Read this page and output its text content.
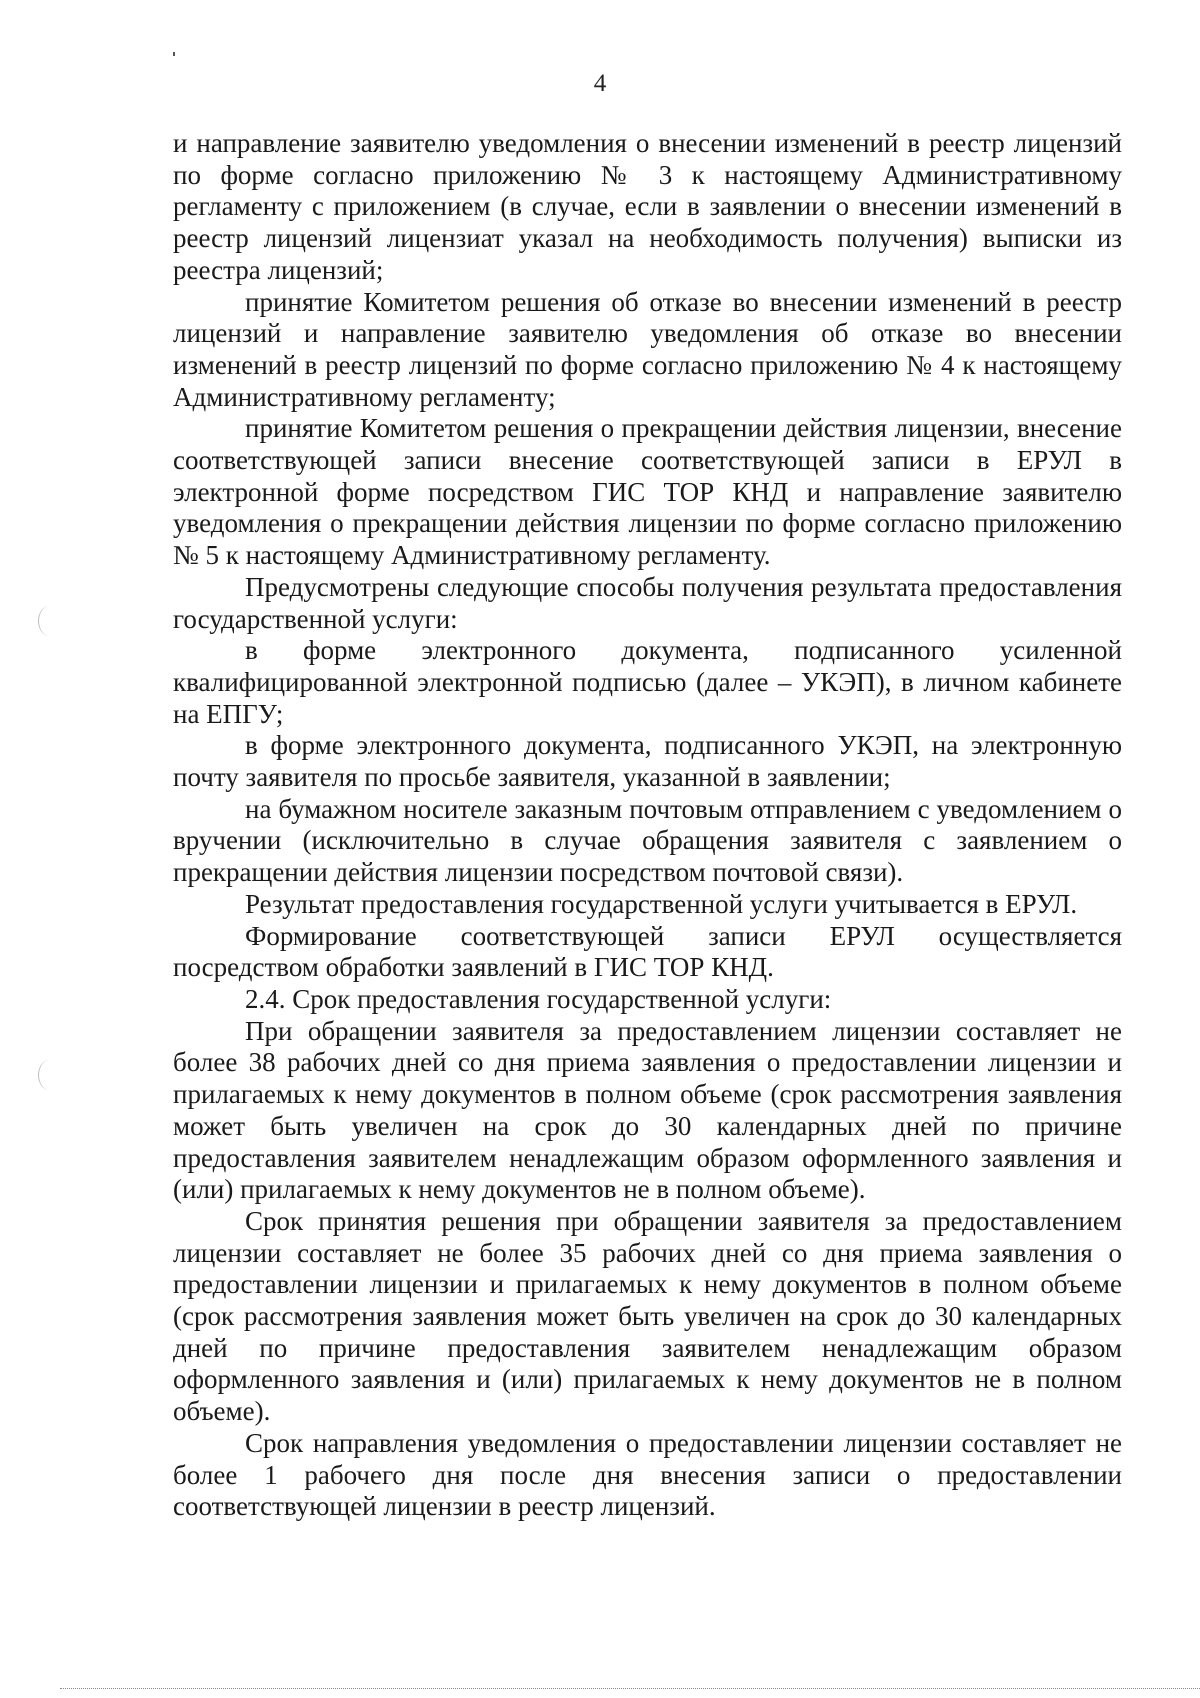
4

и направление заявителю уведомления о внесении изменений в реестр лицензий по форме согласно приложению № 3 к настоящему Административному регламенту с приложением (в случае, если в заявлении о внесении изменений в реестр лицензий лицензиат указал на необходимость получения) выписки из реестра лицензий;

принятие Комитетом решения об отказе во внесении изменений в реестр лицензий и направление заявителю уведомления об отказе во внесении изменений в реестр лицензий по форме согласно приложению № 4 к настоящему Административному регламенту;

принятие Комитетом решения о прекращении действия лицензии, внесение соответствующей записи внесение соответствующей записи в ЕРУЛ в электронной форме посредством ГИС ТОР КНД и направление заявителю уведомления о прекращении действия лицензии по форме согласно приложению № 5 к настоящему Административному регламенту.

Предусмотрены следующие способы получения результата предоставления государственной услуги:

в форме электронного документа, подписанного усиленной квалифицированной электронной подписью (далее – УКЭП), в личном кабинете на ЕПГУ;

в форме электронного документа, подписанного УКЭП, на электронную почту заявителя по просьбе заявителя, указанной в заявлении;

на бумажном носителе заказным почтовым отправлением с уведомлением о вручении (исключительно в случае обращения заявителя с заявлением о прекращении действия лицензии посредством почтовой связи).

Результат предоставления государственной услуги учитывается в ЕРУЛ.

Формирование соответствующей записи ЕРУЛ осуществляется посредством обработки заявлений в ГИС ТОР КНД.

2.4. Срок предоставления государственной услуги:

При обращении заявителя за предоставлением лицензии составляет не более 38 рабочих дней со дня приема заявления о предоставлении лицензии и прилагаемых к нему документов в полном объеме (срок рассмотрения заявления может быть увеличен на срок до 30 календарных дней по причине предоставления заявителем ненадлежащим образом оформленного заявления и (или) прилагаемых к нему документов не в полном объеме).

Срок принятия решения при обращении заявителя за предоставлением лицензии составляет не более 35 рабочих дней со дня приема заявления о предоставлении лицензии и прилагаемых к нему документов в полном объеме (срок рассмотрения заявления может быть увеличен на срок до 30 календарных дней по причине предоставления заявителем ненадлежащим образом оформленного заявления и (или) прилагаемых к нему документов не в полном объеме).

Срок направления уведомления о предоставлении лицензии составляет не более 1 рабочего дня после дня внесения записи о предоставлении соответствующей лицензии в реестр лицензий.
